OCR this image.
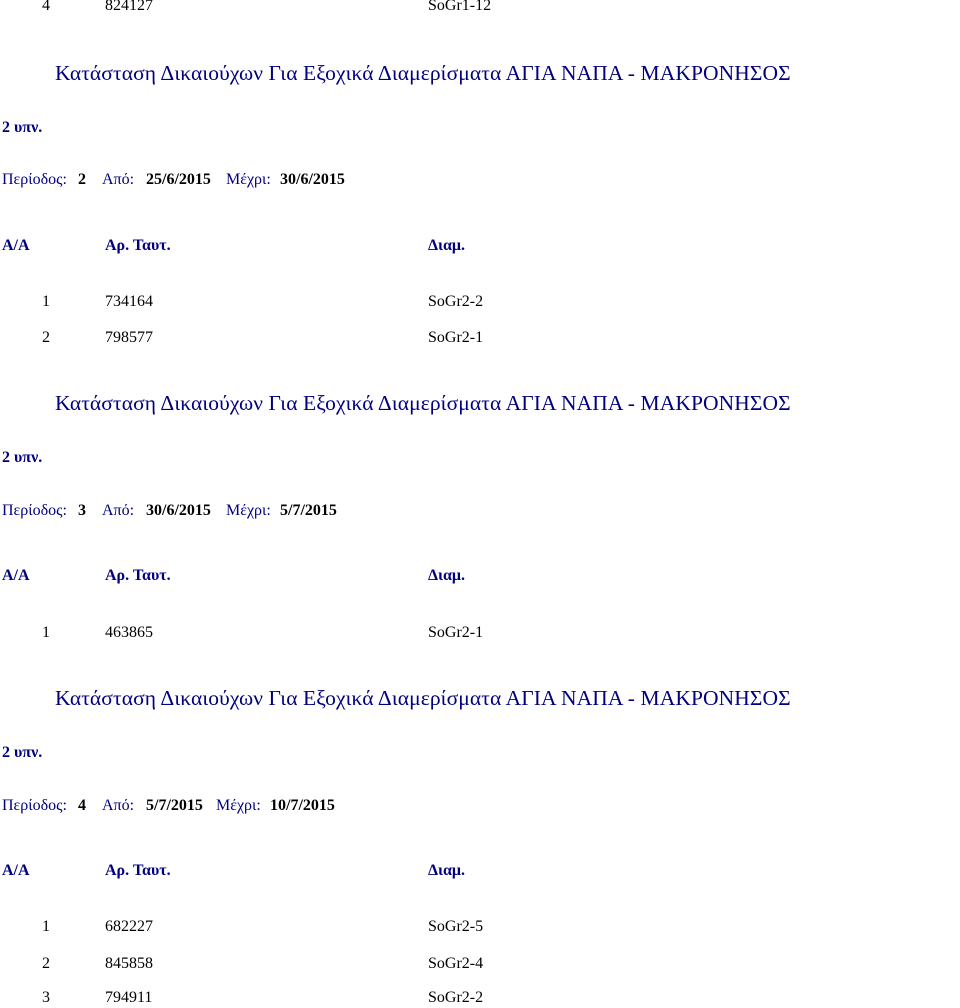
4	824127	SoGr1-12
Κατάσταση Δικαιούχων Για Εξοχικά Διαμερίσματα ΑΓΙΑ ΝΑΠΑ - ΜΑΚΡΟΝΗΣΟΣ
2 υπν.
Περίοδος: 2 Από: 25/6/2015 Μέχρι: 30/6/2015
Α/Α	Αρ. Ταυτ.	Διαμ.
1	734164	SoGr2-2
2	798577	SoGr2-1
Κατάσταση Δικαιούχων Για Εξοχικά Διαμερίσματα ΑΓΙΑ ΝΑΠΑ - ΜΑΚΡΟΝΗΣΟΣ
2 υπν.
Περίοδος: 3 Από: 30/6/2015 Μέχρι: 5/7/2015
Α/Α	Αρ. Ταυτ.	Διαμ.
1	463865	SoGr2-1
Κατάσταση Δικαιούχων Για Εξοχικά Διαμερίσματα ΑΓΙΑ ΝΑΠΑ - ΜΑΚΡΟΝΗΣΟΣ
2 υπν.
Περίοδος: 4 Από: 5/7/2015 Μέχρι: 10/7/2015
Α/Α	Αρ. Ταυτ.	Διαμ.
1	682227	SoGr2-5
2	845858	SoGr2-4
3	794911	SoGr2-2
